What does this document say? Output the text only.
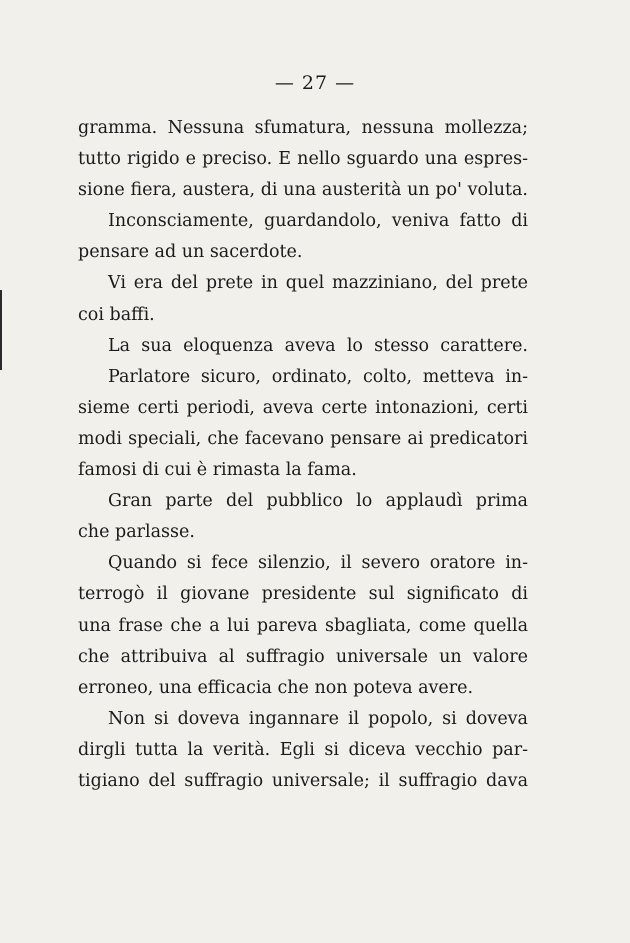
— 27 —
gramma. Nessuna sfumatura, nessuna mollezza;
tutto rigido e preciso. E nello sguardo una espres-
sione fiera, austera, di una austerità un po' voluta.
Inconsciamente, guardandolo, veniva fatto di
pensare ad un sacerdote.
Vi era del prete in quel mazziniano, del prete
coi baffi.
La sua eloquenza aveva lo stesso carattere.
Parlatore sicuro, ordinato, colto, metteva in-
sieme certi periodi, aveva certe intonazioni, certi
modi speciali, che facevano pensare ai predicatori
famosi di cui è rimasta la fama.
Gran parte del pubblico lo applaudì prima
che parlasse.
Quando si fece silenzio, il severo oratore in-
terrogò il giovane presidente sul significato di
una frase che a lui pareva sbagliata, come quella
che attribuiva al suffragio universale un valore
erroneo, una efficacia che non poteva avere.
Non si doveva ingannare il popolo, si doveva
dirgli tutta la verità. Egli si diceva vecchio par-
tigiano del suffragio universale; il suffragio dava
